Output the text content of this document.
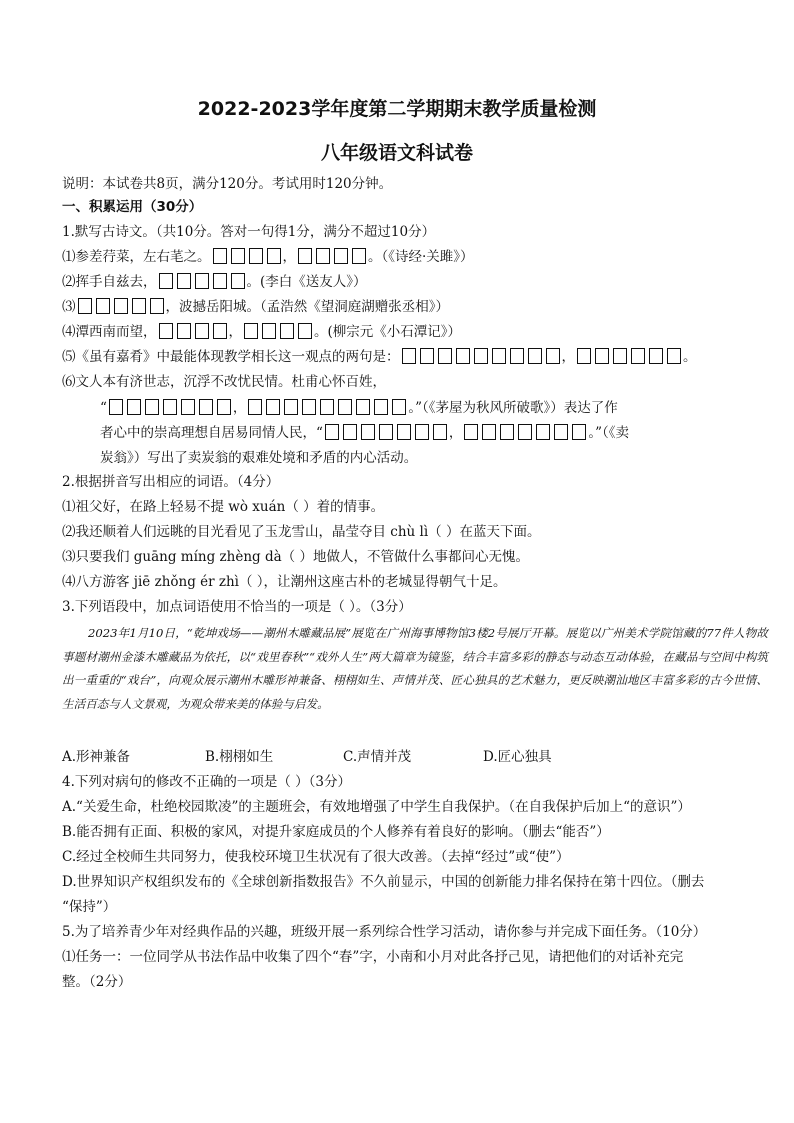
2022-2023学年度第二学期期末教学质量检测
八年级语文科试卷
说明：本试卷共8页，满分120分。考试用时120分钟。
一、积累运用（30分）
1.默写古诗文。（共10分。答对一句得1分，满分不超过10分）
⑴参差荇菜，左右芼之。	，	。（《诗经·关雎》）
⑵挥手自兹去，	。(李白《送友人》）
⑶	，波撼岳阳城。（孟浩然《望洞庭湖赠张丞相》）
⑷潭西南而望，	，	。(柳宗元《小石潭记》）
⑸《虽有嘉肴》中最能体现教学相长这一观点的两句是：	，	。
⑹文人本有济世志，沉浮不改忧民情。杜甫心怀百姓，
“	，	。”（《茅屋为秋风所破歌》）表达了作
者心中的崇高理想自居易同情人民，“	，	。”（《卖
炭翁》）写出了卖炭翁的艰难处境和矛盾的内心活动。
2.根据拼音写出相应的词语。（4分）
⑴祖父好，在路上轻易不提 wò xuán（ ）着的情事。
⑵我还顺着人们远眺的目光看见了玉龙雪山，晶莹夺目 chù lì（ ）在蓝天下面。
⑶只要我们 guāng míng zhèng dà（ ）地做人，不管做什么事都问心无愧。
⑷八方游客 jiē zhǒng ér zhì（ ），让潮州这座古朴的老城显得朝气十足。
3.下列语段中，加点词语使用不恰当的一项是（ ）。（3分）
2023年1月10日，“乾坤戏场——潮州木雕藏品展”展览在广州海事博物馆3楼2号展厅开幕。展览以广州美术学院馆藏的77件人物故事题材潮州金漆木雕藏品为依托，以“戏里春秋”“戏外人生”两大篇章为镜鉴，结合丰富多彩的静态与动态互动体验，在藏品与空间中构筑出一重重的“戏台”，向观众展示潮州木雕形神兼备、栩栩如生、声情并茂、匠心独具的艺术魅力，更反映潮汕地区丰富多彩的古今世情、生活百态与人文景观，为观众带来美的体验与启发。
A.形神兼备	B.栩栩如生	C.声情并茂	D.匠心独具
4.下列对病句的修改不正确的一项是（ ）（3分）
A.“关爱生命，杜绝校园欺凌”的主题班会，有效地增强了中学生自我保护。（在自我保护后加上“的意识”）
B.能否拥有正面、积极的家风，对提升家庭成员的个人修养有着良好的影响。（删去“能否”）
C.经过全校师生共同努力，使我校环境卫生状况有了很大改善。（去掉“经过”或“使”）
D.世界知识产权组织发布的《全球创新指数报告》不久前显示，中国的创新能力排名保持在第十四位。（删去
“保持”）
5.为了培养青少年对经典作品的兴趣，班级开展一系列综合性学习活动，请你参与并完成下面任务。（10分）
⑴任务一：一位同学从书法作品中收集了四个“春”字，小南和小月对此各抒己见，请把他们的对话补充完
整。（2分）
